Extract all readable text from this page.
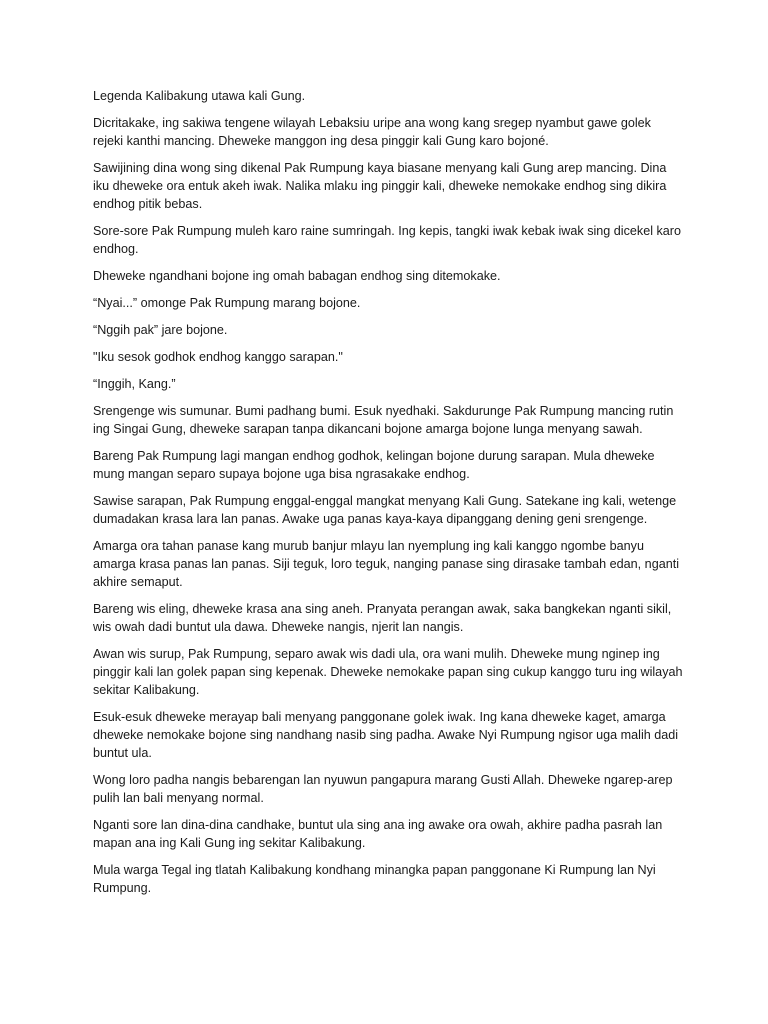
Legenda Kalibakung utawa kali Gung.

Dicritakake, ing sakiwa tengene wilayah Lebaksiu uripe ana wong kang sregep nyambut gawe golek rejeki kanthi mancing. Dheweke manggon ing desa pinggir kali Gung karo bojoné.

Sawijining dina wong sing dikenal Pak Rumpung kaya biasane menyang kali Gung arep mancing. Dina iku dheweke ora entuk akeh iwak. Nalika mlaku ing pinggir kali, dheweke nemokake endhog sing dikira endhog pitik bebas.

Sore-sore Pak Rumpung muleh karo raine sumringah. Ing kepis, tangki iwak kebak iwak sing dicekel karo endhog.

Dheweke ngandhani bojone ing omah babagan endhog sing ditemokake.

“Nyai...” omonge Pak Rumpung marang bojone.

“Nggih pak” jare bojone.

"Iku sesok godhok endhog kanggo sarapan."

“Inggih, Kang.”

Srengenge wis sumunar. Bumi padhang bumi. Esuk nyedhaki. Sakdurunge Pak Rumpung mancing rutin ing Singai Gung, dheweke sarapan tanpa dikancani bojone amarga bojone lunga menyang sawah.

Bareng Pak Rumpung lagi mangan endhog godhok, kelingan bojone durung sarapan. Mula dheweke mung mangan separo supaya bojone uga bisa ngrasakake endhog.

Sawise sarapan, Pak Rumpung enggal-enggal mangkat menyang Kali Gung. Satekane ing kali, wetenge dumadakan krasa lara lan panas. Awake uga panas kaya-kaya dipanggang dening geni srengenge.

Amarga ora tahan panase kang murub banjur mlayu lan nyemplung ing kali kanggo ngombe banyu amarga krasa panas lan panas. Siji teguk, loro teguk, nanging panase sing dirasake tambah edan, nganti akhire semaput.

Bareng wis eling, dheweke krasa ana sing aneh. Pranyata perangan awak, saka bangkekan nganti sikil, wis owah dadi buntut ula dawa. Dheweke nangis, njerit lan nangis.

Awan wis surup, Pak Rumpung, separo awak wis dadi ula, ora wani mulih. Dheweke mung nginep ing pinggir kali lan golek papan sing kepenak. Dheweke nemokake papan sing cukup kanggo turu ing wilayah sekitar Kalibakung.

Esuk-esuk dheweke merayap bali menyang panggonane golek iwak. Ing kana dheweke kaget, amarga dheweke nemokake bojone sing nandhang nasib sing padha. Awake Nyi Rumpung ngisor uga malih dadi buntut ula.

Wong loro padha nangis bebarengan lan nyuwun pangapura marang Gusti Allah. Dheweke ngarep-arep pulih lan bali menyang normal.

Nganti sore lan dina-dina candhake, buntut ula sing ana ing awake ora owah, akhire padha pasrah lan mapan ana ing Kali Gung ing sekitar Kalibakung.

Mula warga Tegal ing tlatah Kalibakung kondhang minangka papan panggonane Ki Rumpung lan Nyi Rumpung.
